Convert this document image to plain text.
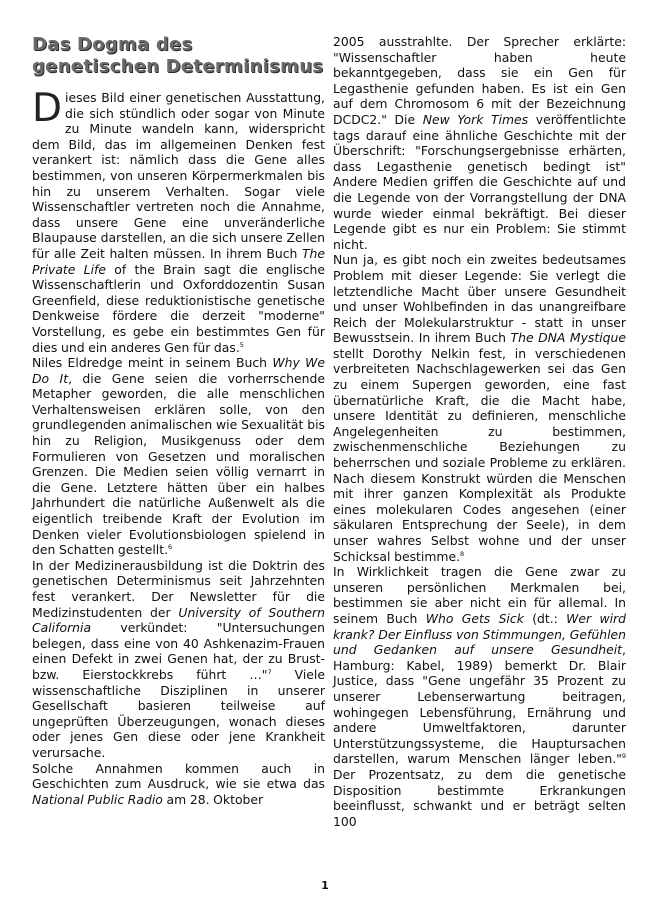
Das Dogma des genetischen Determinismus

Dieses Bild einer genetischen Ausstattung, die sich stündlich oder sogar von Minute zu Minute wandeln kann, widerspricht dem Bild, das im allgemeinen Denken fest verankert ist: nämlich dass die Gene alles bestimmen, von unseren Körpermerkmalen bis hin zu unserem Verhalten. Sogar viele Wissenschaftler vertreten noch die Annahme, dass unsere Gene eine unveränderliche Blaupause darstellen, an die sich unsere Zellen für alle Zeit halten müssen. In ihrem Buch The Private Life of the Brain sagt die englische Wissenschaftlerin und Oxforddozentin Susan Greenfield, diese reduktionistische genetische Denkweise fördere die derzeit "moderne" Vorstellung, es gebe ein bestimmtes Gen für dies und ein anderes Gen für das.$^5$

Niles Eldredge meint in seinem Buch Why We Do It, die Gene seien die vorherrschende Metapher geworden, die alle menschlichen Verhaltensweisen erklären solle, von den grundlegenden animalischen wie Sexualität bis hin zu Religion, Musikgenuss oder dem Formulieren von Gesetzen und moralischen Grenzen. Die Medien seien völlig vernarrt in die Gene. Letztere hätten über ein halbes Jahrhundert die natürliche Außenwelt als die eigentlich treibende Kraft der Evolution im Denken vieler Evolutionsbiologen spielend in den Schatten gestellt.$^6$

In der Medizinerausbildung ist die Doktrin des genetischen Determinismus seit Jahrzehnten fest verankert. Der Newsletter für die Medizinstudenten der University of Southern California verkündet: "Untersuchungen belegen, dass eine von 40 Ashkenazim-Frauen einen Defekt in zwei Genen hat, der zu Brust- bzw. Eierstockkrebs führt …"$^7$ Viele wissenschaftliche Disziplinen in unserer Gesellschaft basieren teilweise auf ungeprüften Überzeugungen, wonach dieses oder jenes Gen diese oder jene Krankheit verursache.

Solche Annahmen kommen auch in Geschichten zum Ausdruck, wie sie etwa das National Public Radio am 28. Oktober

2005 ausstrahlte. Der Sprecher erklärte: "Wissenschaftler haben heute bekanntgegeben, dass sie ein Gen für Legasthenie gefunden haben. Es ist ein Gen auf dem Chromosom 6 mit der Bezeichnung DCDC2." Die New York Times veröffentlichte tags darauf eine ähnliche Geschichte mit der Überschrift: "Forschungsergebnisse erhärten, dass Legasthenie genetisch bedingt ist" Andere Medien griffen die Geschichte auf und die Legende von der Vorrangstellung der DNA wurde wieder einmal bekräftigt. Bei dieser Legende gibt es nur ein Problem: Sie stimmt nicht.

Nun ja, es gibt noch ein zweites bedeutsames Problem mit dieser Legende: Sie verlegt die letztendliche Macht über unsere Gesundheit und unser Wohlbefinden in das unangreifbare Reich der Molekularstruktur - statt in unser Bewusstsein. In ihrem Buch The DNA Mystique stellt Dorothy Nelkin fest, in verschiedenen verbreiteten Nachschlagewerken sei das Gen zu einem Supergen geworden, eine fast übernatürliche Kraft, die die Macht habe, unsere Identität zu definieren, menschliche Angelegenheiten zu bestimmen, zwischenmenschliche Beziehungen zu beherrschen und soziale Probleme zu erklären. Nach diesem Konstrukt würden die Menschen mit ihrer ganzen Komplexität als Produkte eines molekularen Codes angesehen (einer säkularen Entsprechung der Seele), in dem unser wahres Selbst wohne und der unser Schicksal bestimme.$^8$

In Wirklichkeit tragen die Gene zwar zu unseren persönlichen Merkmalen bei, bestimmen sie aber nicht ein für allemal. In seinem Buch Who Gets Sick (dt.: Wer wird krank? Der Einfluss von Stimmungen, Gefühlen und Gedanken auf unsere Gesundheit, Hamburg: Kabel, 1989) bemerkt Dr. Blair Justice, dass "Gene ungefähr 35 Prozent zu unserer Lebenserwartung beitragen, wohingegen Lebensführung, Ernährung und andere Umweltfaktoren, darunter Unterstützungssysteme, die Hauptursachen darstellen, warum Menschen länger leben."$^9$ Der Prozentsatz, zu dem die genetische Disposition bestimmte Erkrankungen beeinflusst, schwankt und er beträgt selten 100

1
